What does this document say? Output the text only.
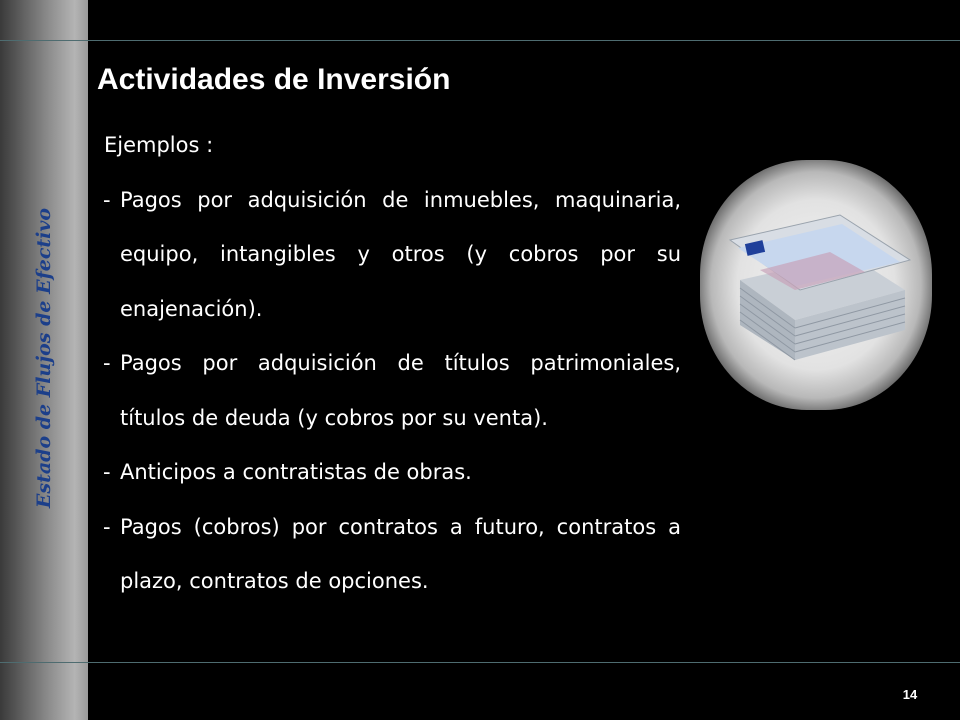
Estado de Flujos de Efectivo
Actividades de Inversión

Ejemplos :

- Pagos por adquisición de inmuebles, maquinaria, equipo, intangibles y otros (y cobros por su enajenación).

- Pagos por adquisición de títulos patrimoniales, títulos de deuda (y cobros por su venta).

- Anticipos a contratistas de obras.

- Pagos (cobros) por contratos a futuro, contratos a plazo, contratos de opciones.

14
